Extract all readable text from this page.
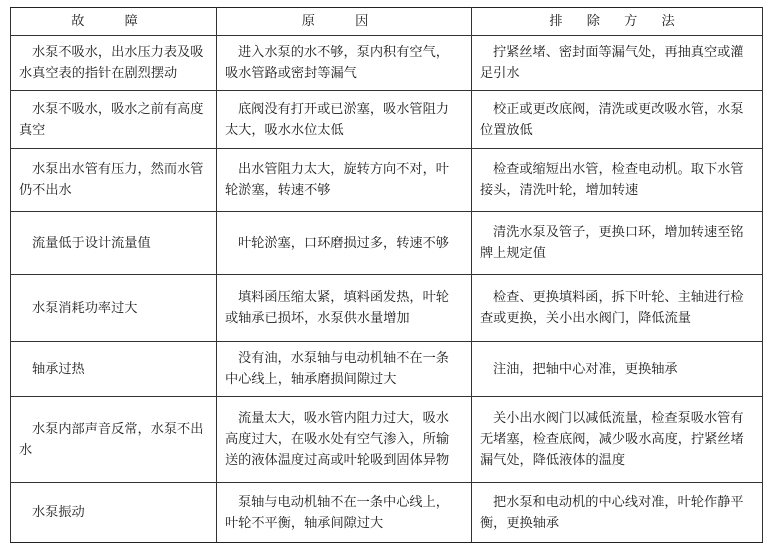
故 障	原 因	排 除 方 法
水泵不吸水，出水压力表及吸水真空表的指针在剧烈摆动	进入水泵的水不够，泵内积有空气，吸水管路或密封等漏气	拧紧丝堵、密封面等漏气处，再抽真空或灌足引水
水泵不吸水，吸水之前有高度真空	底阀没有打开或已淤塞，吸水管阻力太大，吸水水位太低	校正或更改底阀，清洗或更改吸水管，水泵位置放低
水泵出水管有压力，然而水管仍不出水	出水管阻力太大，旋转方向不对，叶轮淤塞，转速不够	检查或缩短出水管，检查电动机。取下水管接头，清洗叶轮，增加转速
流量低于设计流量值	叶轮淤塞，口环磨损过多，转速不够	清洗水泵及管子，更换口环，增加转速至铭牌上规定值
水泵消耗功率过大	填料函压缩太紧，填料函发热，叶轮或轴承已损坏，水泵供水量增加	检查、更换填料函，拆下叶轮、主轴进行检查或更换，关小出水阀门，降低流量
轴承过热	没有油，水泵轴与电动机轴不在一条中心线上，轴承磨损间隙过大	注油，把轴中心对准，更换轴承
水泵内部声音反常，水泵不出水	流量太大，吸水管内阻力过大，吸水高度过大，在吸水处有空气渗入，所输送的液体温度过高或叶轮吸到固体异物	关小出水阀门以减低流量，检查泵吸水管有无堵塞，检查底阀，减少吸水高度，拧紧丝堵漏气处，降低液体的温度
水泵振动	泵轴与电动机轴不在一条中心线上，叶轮不平衡，轴承间隙过大	把水泵和电动机的中心线对准，叶轮作静平衡，更换轴承
